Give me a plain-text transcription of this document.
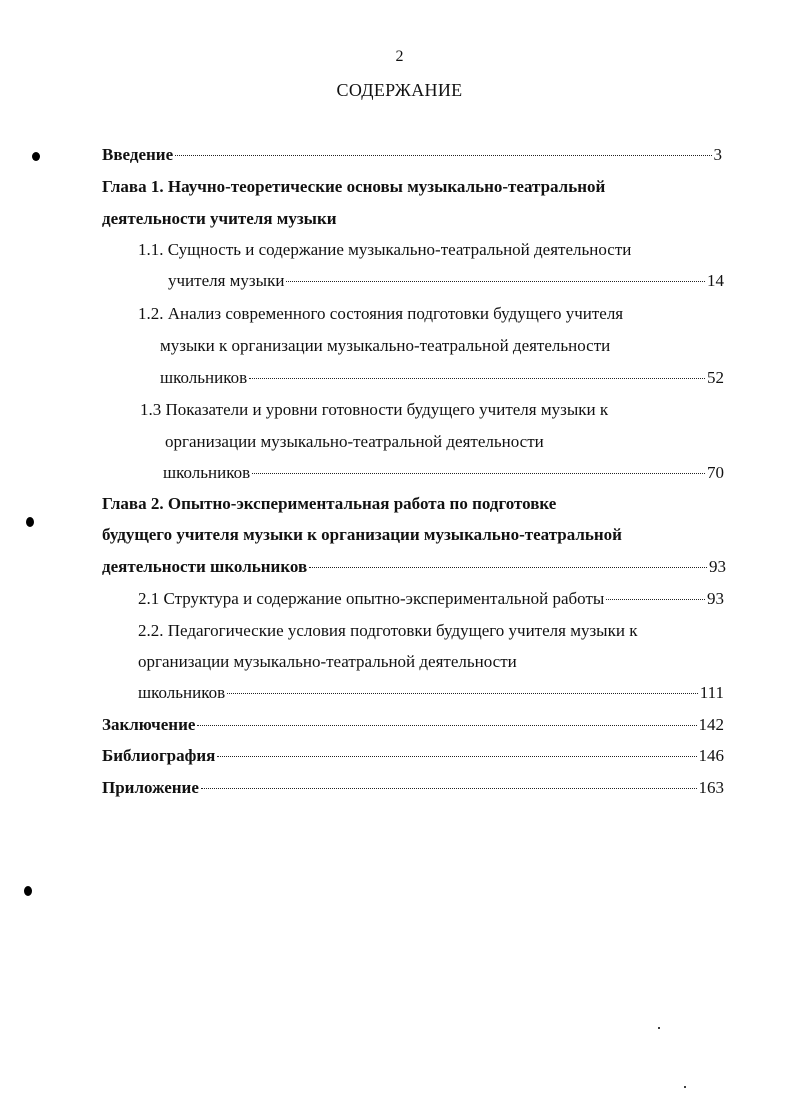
2
СОДЕРЖАНИЕ
Введение	3
Глава 1. Научно-теоретические основы музыкально-театральной
деятельности учителя музыки
1.1. Сущность и содержание музыкально-театральной деятельности
учителя музыки	14
1.2. Анализ современного состояния подготовки будущего учителя
музыки к организации музыкально-театральной деятельности
школьников	52
1.3 Показатели и уровни готовности будущего учителя музыки к
организации музыкально-театральной деятельности
школьников	70
Глава 2. Опытно-экспериментальная работа по подготовке
будущего учителя музыки к организации музыкально-театральной
деятельности школьников	93
2.1 Структура и содержание опытно-экспериментальной работы	93
2.2. Педагогические условия подготовки будущего учителя музыки к
организации музыкально-театральной деятельности
школьников	111
Заключение	142
Библиография	146
Приложение	163
